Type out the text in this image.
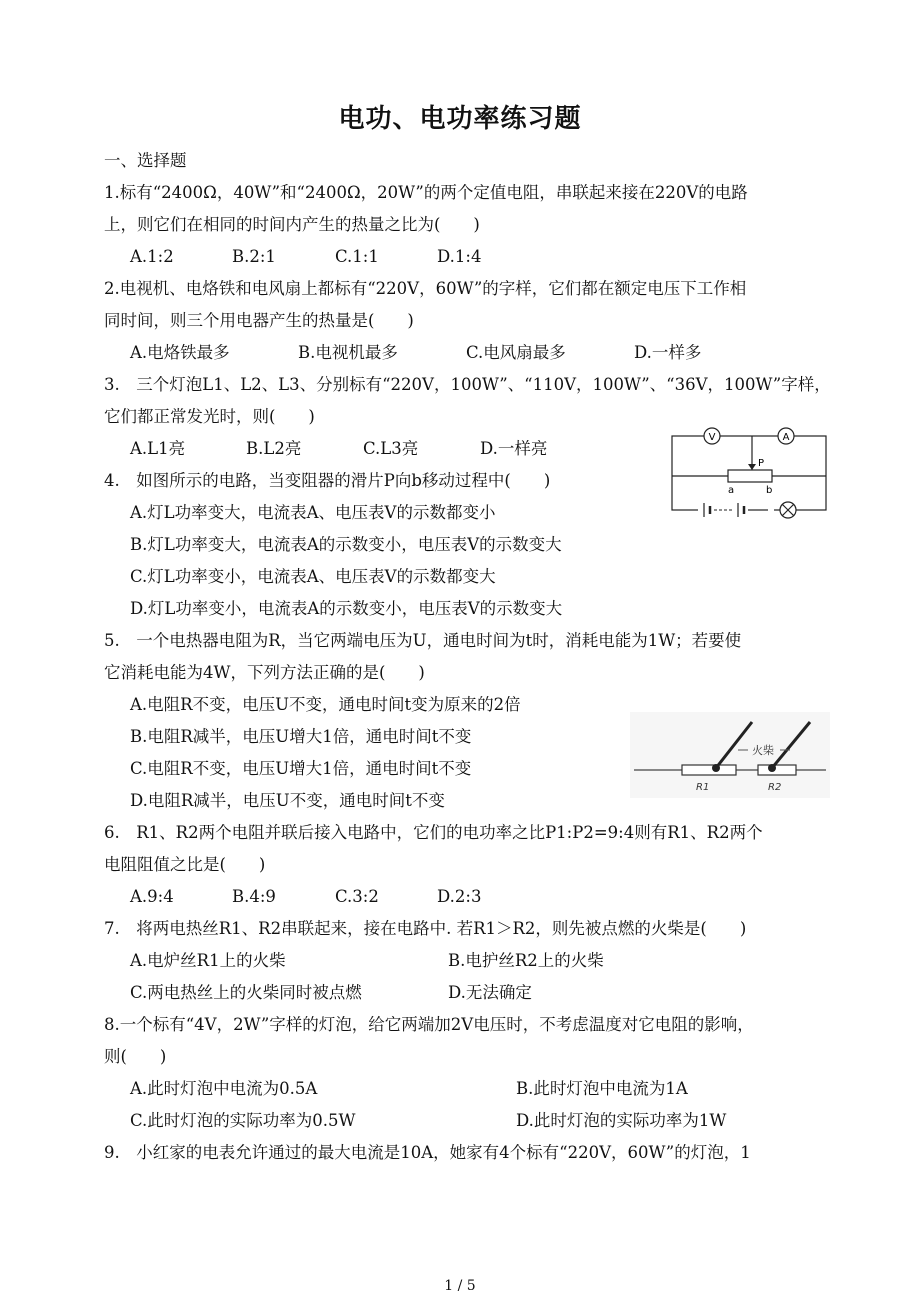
电功、电功率练习题
一、选择题
1.标有“2400Ω，40W”和“2400Ω，20W”的两个定值电阻，串联起来接在220V的电路
上，则它们在相同的时间内产生的热量之比为(　　)
A.1:2	B.2:1	C.1:1	D.1:4
2.电视机、电烙铁和电风扇上都标有“220V，60W”的字样，它们都在额定电压下工作相
同时间，则三个用电器产生的热量是(　　)
A.电烙铁最多	B.电视机最多	C.电风扇最多	D.一样多
3.　三个灯泡L1、L2、L3、分别标有“220V，100W”、“110V，100W”、“36V，100W”字样，
它们都正常发光时，则(　　)
A.L1亮	B.L2亮	C.L3亮	D.一样亮
V	A
P
a	b
4.　如图所示的电路，当变阻器的滑片P向b移动过程中(　　)
A.灯L功率变大，电流表A、电压表V的示数都变小
B.灯L功率变大，电流表A的示数变小，电压表V的示数变大
C.灯L功率变小，电流表A、电压表V的示数都变大
D.灯L功率变小，电流表A的示数变小，电压表V的示数变大
5.　一个电热器电阻为R，当它两端电压为U，通电时间为t时，消耗电能为1W；若要使
它消耗电能为4W，下列方法正确的是(　　)
A.电阻R不变，电压U不变，通电时间t变为原来的2倍
B.电阻R减半，电压U增大1倍，通电时间t不变
C.电阻R不变，电压U增大1倍，通电时间t不变
D.电阻R减半，电压U不变，通电时间t不变
火柴
R1	R2
6.　R1、R2两个电阻并联后接入电路中，它们的电功率之比P1:P2=9:4则有R1、R2两个
电阻阻值之比是(　　)
A.9:4	B.4:9	C.3:2	D.2:3
7.　将两电热丝R1、R2串联起来，接在电路中. 若R1＞R2，则先被点燃的火柴是(　　)
A.电炉丝R1上的火柴	B.电护丝R2上的火柴
C.两电热丝上的火柴同时被点燃	D.无法确定
8.一个标有“4V，2W”字样的灯泡，给它两端加2V电压时，不考虑温度对它电阻的影响，
则(　　)
A.此时灯泡中电流为0.5A	B.此时灯泡中电流为1A
C.此时灯泡的实际功率为0.5W	D.此时灯泡的实际功率为1W
9.　小红家的电表允许通过的最大电流是10A，她家有4个标有“220V，60W”的灯泡，1
1 / 5
